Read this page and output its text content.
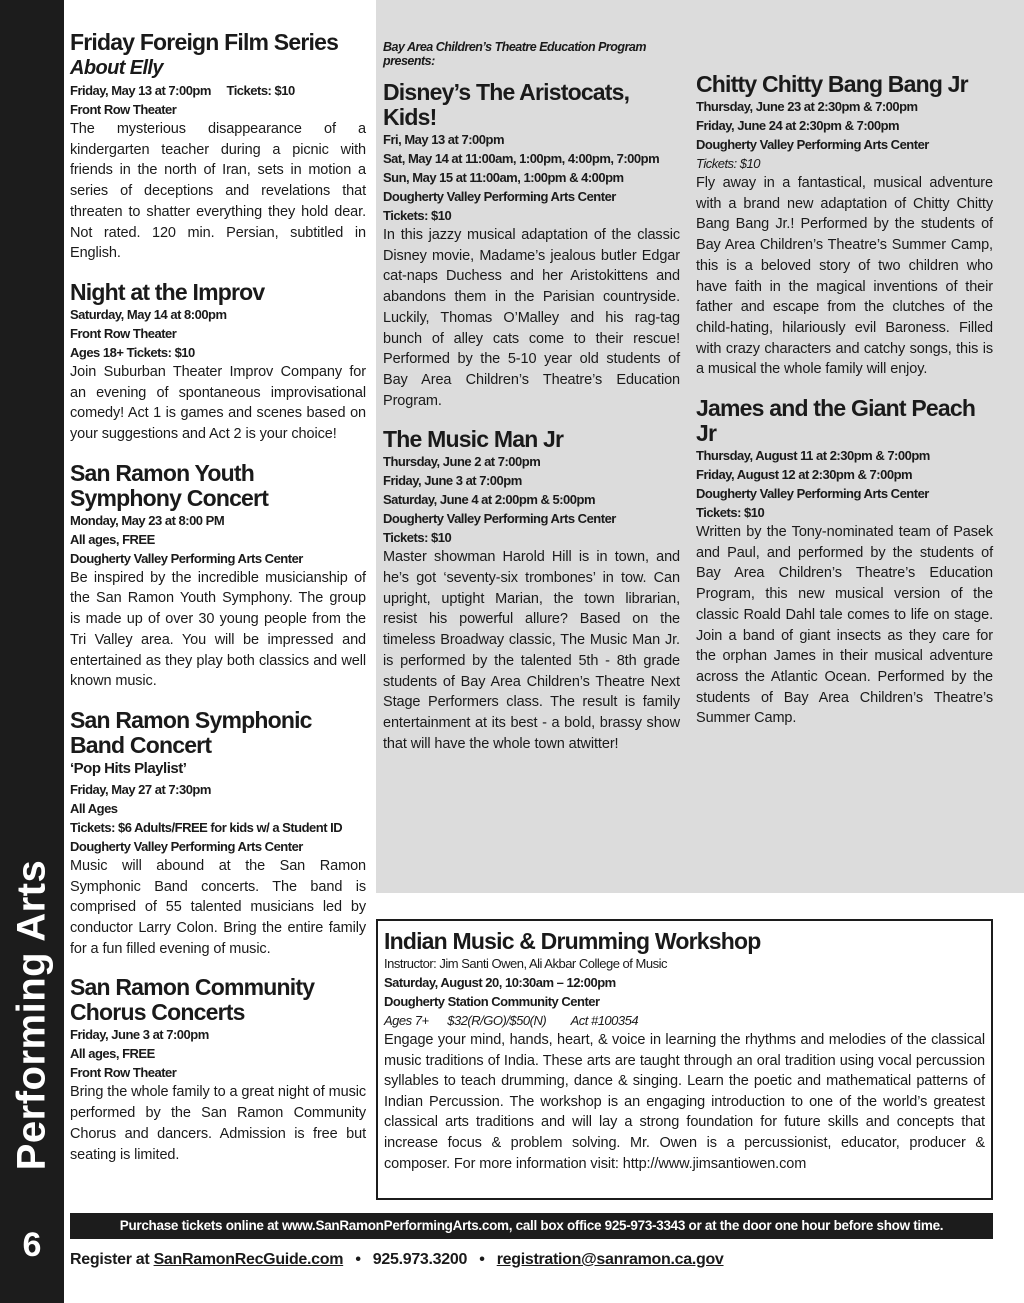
Performing Arts
6
Friday Foreign Film Series
About Elly
Friday, May 13 at 7:00pm     Tickets: $10
Front Row Theater

The mysterious disappearance of a kindergarten teacher during a picnic with friends in the north of Iran, sets in motion a series of deceptions and revelations that threaten to shatter everything they hold dear. Not rated. 120 min. Persian, subtitled in English.

Night at the Improv
Saturday, May 14 at 8:00pm
Front Row Theater
Ages 18+ Tickets: $10

Join Suburban Theater Improv Company for an evening of spontaneous improvisational comedy! Act 1 is games and scenes based on your suggestions and Act 2 is your choice!

San Ramon Youth Symphony Concert
Monday, May 23 at 8:00 PM
All ages, FREE
Dougherty Valley Performing Arts Center

Be inspired by the incredible musicianship of the San Ramon Youth Symphony. The group is made up of over 30 young people from the Tri Valley area. You will be impressed and entertained as they play both classics and well known music.

San Ramon Symphonic Band Concert
‘Pop Hits Playlist’
Friday, May 27 at 7:30pm
All Ages
Tickets: $6 Adults/FREE for kids w/ a Student ID
Dougherty Valley Performing Arts Center

Music will abound at the San Ramon Symphonic Band concerts. The band is comprised of 55 talented musicians led by conductor Larry Colon. Bring the entire family for a fun filled evening of music.

San Ramon Community Chorus Concerts
Friday, June 3 at 7:00pm
All ages, FREE
Front Row Theater

Bring the whole family to a great night of music performed by the San Ramon Community Chorus and dancers. Admission is free but seating is limited.

Bay Area Children’s Theatre Education Program presents:
Disney’s The Aristocats, Kids!
Fri, May 13 at 7:00pm
Sat, May 14 at 11:00am, 1:00pm, 4:00pm, 7:00pm
Sun, May 15 at 11:00am, 1:00pm & 4:00pm
Dougherty Valley Performing Arts Center
Tickets: $10

In this jazzy musical adaptation of the classic Disney movie, Madame’s jealous butler Edgar cat-naps Duchess and her Aristokittens and abandons them in the Parisian countryside. Luckily, Thomas O’Malley and his rag-tag bunch of alley cats come to their rescue! Performed by the 5-10 year old students of Bay Area Children’s Theatre’s Education Program.

The Music Man Jr
Thursday, June 2 at 7:00pm
Friday, June 3 at 7:00pm
Saturday, June 4 at 2:00pm & 5:00pm
Dougherty Valley Performing Arts Center
Tickets: $10

Master showman Harold Hill is in town, and he’s got ‘seventy-six trombones’ in tow. Can upright, uptight Marian, the town librarian, resist his powerful allure? Based on the timeless Broadway classic, The Music Man Jr. is performed by the talented 5th - 8th grade students of Bay Area Children’s Theatre Next Stage Performers class. The result is family entertainment at its best - a bold, brassy show that will have the whole town atwitter!

Chitty Chitty Bang Bang Jr
Thursday, June 23 at 2:30pm & 7:00pm
Friday, June 24 at 2:30pm & 7:00pm
Dougherty Valley Performing Arts Center
Tickets: $10

Fly away in a fantastical, musical adventure with a brand new adaptation of Chitty Chitty Bang Bang Jr.! Performed by the students of Bay Area Children’s Theatre’s Summer Camp, this is a beloved story of two children who have faith in the magical inventions of their father and escape from the clutches of the child-hating, hilariously evil Baroness. Filled with crazy characters and catchy songs, this is a musical the whole family will enjoy.

James and the Giant Peach Jr
Thursday, August 11 at 2:30pm & 7:00pm
Friday, August 12 at 2:30pm & 7:00pm
Dougherty Valley Performing Arts Center
Tickets: $10

Written by the Tony-nominated team of Pasek and Paul, and performed by the students of Bay Area Children’s Theatre’s Education Program, this new musical version of the classic Roald Dahl tale comes to life on stage. Join a band of giant insects as they care for the orphan James in their musical adventure across the Atlantic Ocean. Performed by the students of Bay Area Children’s Theatre’s Summer Camp.

Indian Music & Drumming Workshop
Instructor: Jim Santi Owen, Ali Akbar College of Music
Saturday, August 20, 10:30am – 12:00pm
Dougherty Station Community Center
Ages 7+      $32(R/GO)/$50(N)        Act #100354

Engage your mind, hands, heart, & voice in learning the rhythms and melodies of the classical music traditions of India. These arts are taught through an oral tradition using vocal percussion syllables to teach drumming, dance & singing. Learn the poetic and mathematical patterns of Indian Percussion. The workshop is an engaging introduction to one of the world’s greatest classical arts traditions and will lay a strong foundation for future skills and concepts that increase focus & problem solving. Mr. Owen is a percussionist, educator, producer & composer. For more information visit: http://www.jimsantiowen.com

Purchase tickets online at www.SanRamonPerformingArts.com, call box office 925-973-3343 or at the door one hour before show time.
Register at SanRamonRecGuide.com • 925.973.3200 • registration@sanramon.ca.gov
